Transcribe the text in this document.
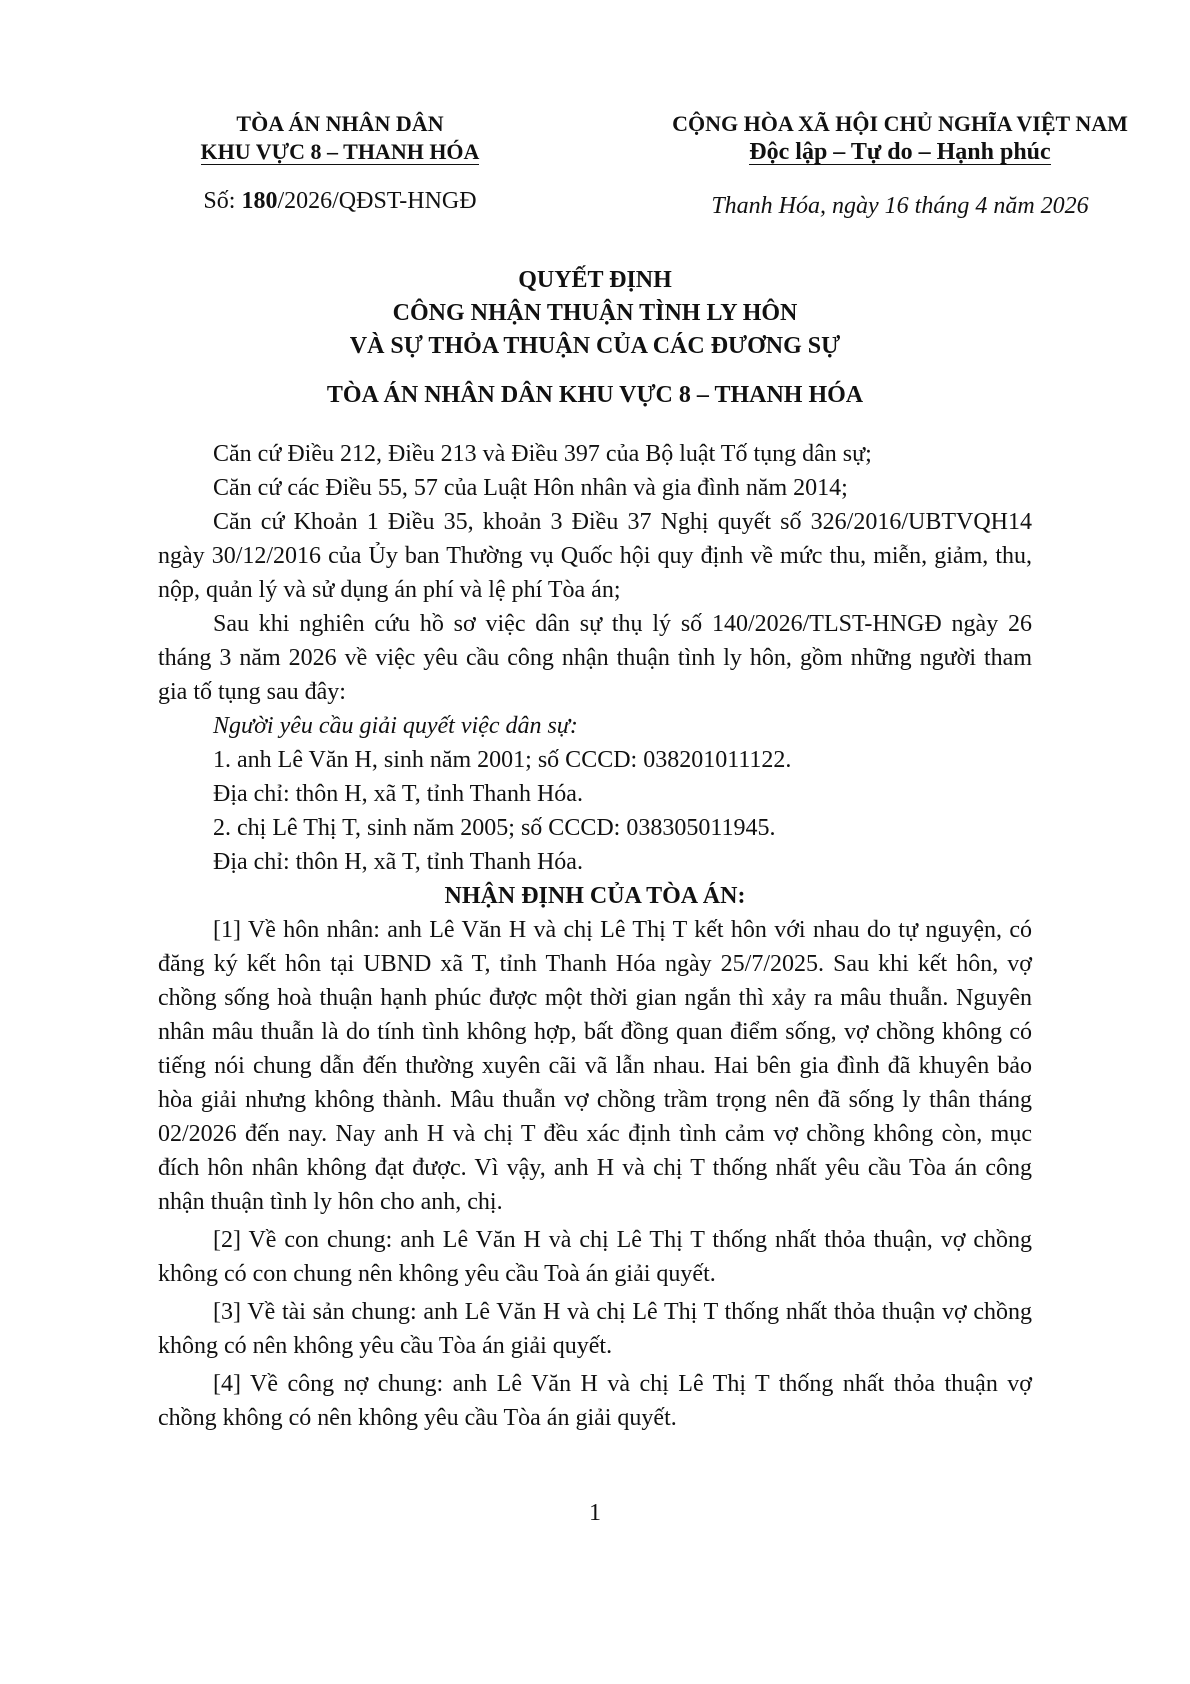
TÒA ÁN NHÂN DÂN
KHU VỰC 8 – THANH HÓA
Số: 180/2026/QĐST-HNGĐ
CỘNG HÒA XÃ HỘI CHỦ NGHĨA VIỆT NAM
Độc lập – Tự do – Hạnh phúc
Thanh Hóa, ngày 16 tháng 4 năm 2026
QUYẾT ĐỊNH
CÔNG NHẬN THUẬN TÌNH LY HÔN
VÀ SỰ THỎA THUẬN CỦA CÁC ĐƯƠNG SỰ
TÒA ÁN NHÂN DÂN KHU VỰC 8 – THANH HÓA

Căn cứ Điều 212, Điều 213 và Điều 397 của Bộ luật Tố tụng dân sự;

Căn cứ các Điều 55, 57 của Luật Hôn nhân và gia đình năm 2014;

Căn cứ Khoản 1 Điều 35, khoản 3 Điều 37 Nghị quyết số 326/2016/UBTVQH14 ngày 30/12/2016 của Ủy ban Thường vụ Quốc hội quy định về mức thu, miễn, giảm, thu, nộp, quản lý và sử dụng án phí và lệ phí Tòa án;

Sau khi nghiên cứu hồ sơ việc dân sự thụ lý số 140/2026/TLST-HNGĐ ngày 26 tháng 3 năm 2026 về việc yêu cầu công nhận thuận tình ly hôn, gồm những người tham gia tố tụng sau đây:

Người yêu cầu giải quyết việc dân sự:

1. anh Lê Văn H, sinh năm 2001; số CCCD: 038201011122.

Địa chỉ: thôn H, xã T, tỉnh Thanh Hóa.

2. chị Lê Thị T, sinh năm 2005; số CCCD: 038305011945.

Địa chỉ: thôn H, xã T, tỉnh Thanh Hóa.

NHẬN ĐỊNH CỦA TÒA ÁN:

[1] Về hôn nhân: anh Lê Văn H và chị Lê Thị T kết hôn với nhau do tự nguyện, có đăng ký kết hôn tại UBND xã T, tỉnh Thanh Hóa ngày 25/7/2025. Sau khi kết hôn, vợ chồng sống hoà thuận hạnh phúc được một thời gian ngắn thì xảy ra mâu thuẫn. Nguyên nhân mâu thuẫn là do tính tình không hợp, bất đồng quan điểm sống, vợ chồng không có tiếng nói chung dẫn đến thường xuyên cãi vã lẫn nhau. Hai bên gia đình đã khuyên bảo hòa giải nhưng không thành. Mâu thuẫn vợ chồng trầm trọng nên đã sống ly thân tháng 02/2026 đến nay. Nay anh H và chị T đều xác định tình cảm vợ chồng không còn, mục đích hôn nhân không đạt được. Vì vậy, anh H và chị T thống nhất yêu cầu Tòa án công nhận thuận tình ly hôn cho anh, chị.

[2] Về con chung: anh Lê Văn H và chị Lê Thị T thống nhất thỏa thuận, vợ chồng không có con chung nên không yêu cầu Toà án giải quyết.

[3] Về tài sản chung: anh Lê Văn H và chị Lê Thị T thống nhất thỏa thuận vợ chồng không có nên không yêu cầu Tòa án giải quyết.

[4] Về công nợ chung: anh Lê Văn H và chị Lê Thị T thống nhất thỏa thuận vợ chồng không có nên không yêu cầu Tòa án giải quyết.

1
